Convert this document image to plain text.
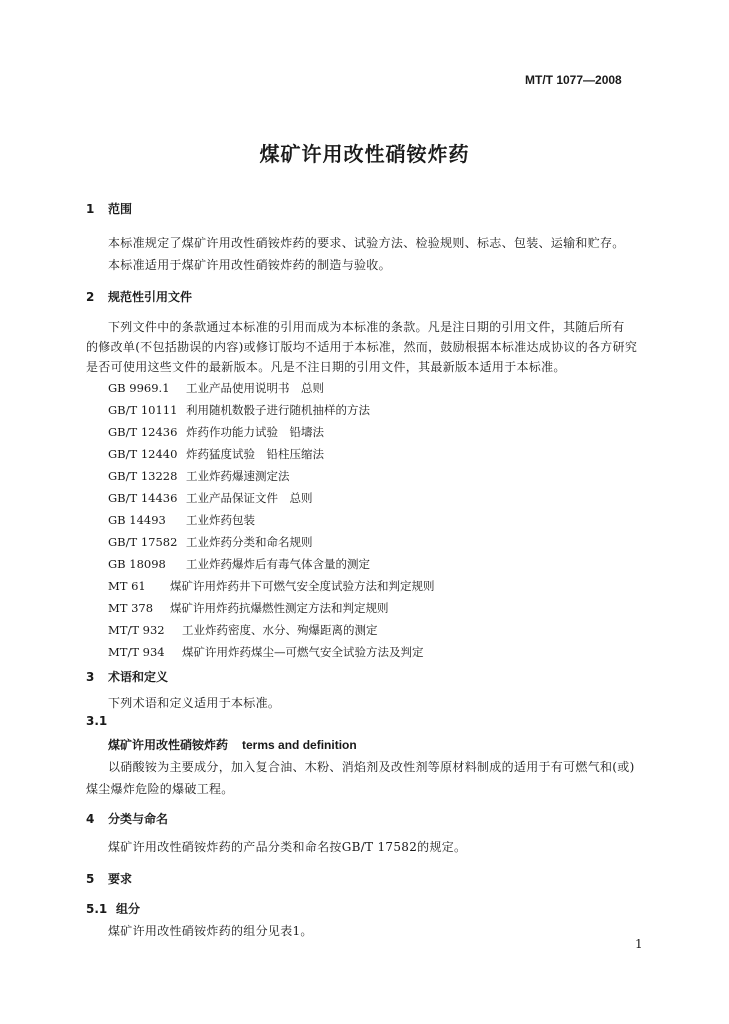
MT/T 1077—2008
煤矿许用改性硝铵炸药
1 范围
本标准规定了煤矿许用改性硝铵炸药的要求、试验方法、检验规则、标志、包装、运输和贮存。
本标准适用于煤矿许用改性硝铵炸药的制造与验收。
2 规范性引用文件
下列文件中的条款通过本标准的引用而成为本标准的条款。凡是注日期的引用文件，其随后所有
的修改单(不包括勘误的内容)或修订版均不适用于本标准，然而，鼓励根据本标准达成协议的各方研究
是否可使用这些文件的最新版本。凡是不注日期的引用文件，其最新版本适用于本标准。
GB 9969.1 工业产品使用说明书　总则
GB/T 10111 利用随机数骰子进行随机抽样的方法
GB/T 12436 炸药作功能力试验　铅壔法
GB/T 12440 炸药猛度试验　铅柱压缩法
GB/T 13228 工业炸药爆速测定法
GB/T 14436 工业产品保证文件　总则
GB 14493 工业炸药包装
GB/T 17582 工业炸药分类和命名规则
GB 18098 工业炸药爆炸后有毒气体含量的测定
MT 61 煤矿许用炸药井下可燃气安全度试验方法和判定规则
MT 378 煤矿许用炸药抗爆燃性测定方法和判定规则
MT/T 932 工业炸药密度、水分、殉爆距离的测定
MT/T 934 煤矿许用炸药煤尘—可燃气安全试验方法及判定
3 术语和定义
下列术语和定义适用于本标准。
3.1
煤矿许用改性硝铵炸药 terms and definition
以硝酸铵为主要成分，加入复合油、木粉、消焰剂及改性剂等原材料制成的适用于有可燃气和(或)
煤尘爆炸危险的爆破工程。
4 分类与命名
煤矿许用改性硝铵炸药的产品分类和命名按GB/T 17582的规定。
5 要求
5.1 组分
煤矿许用改性硝铵炸药的组分见表1。
1
